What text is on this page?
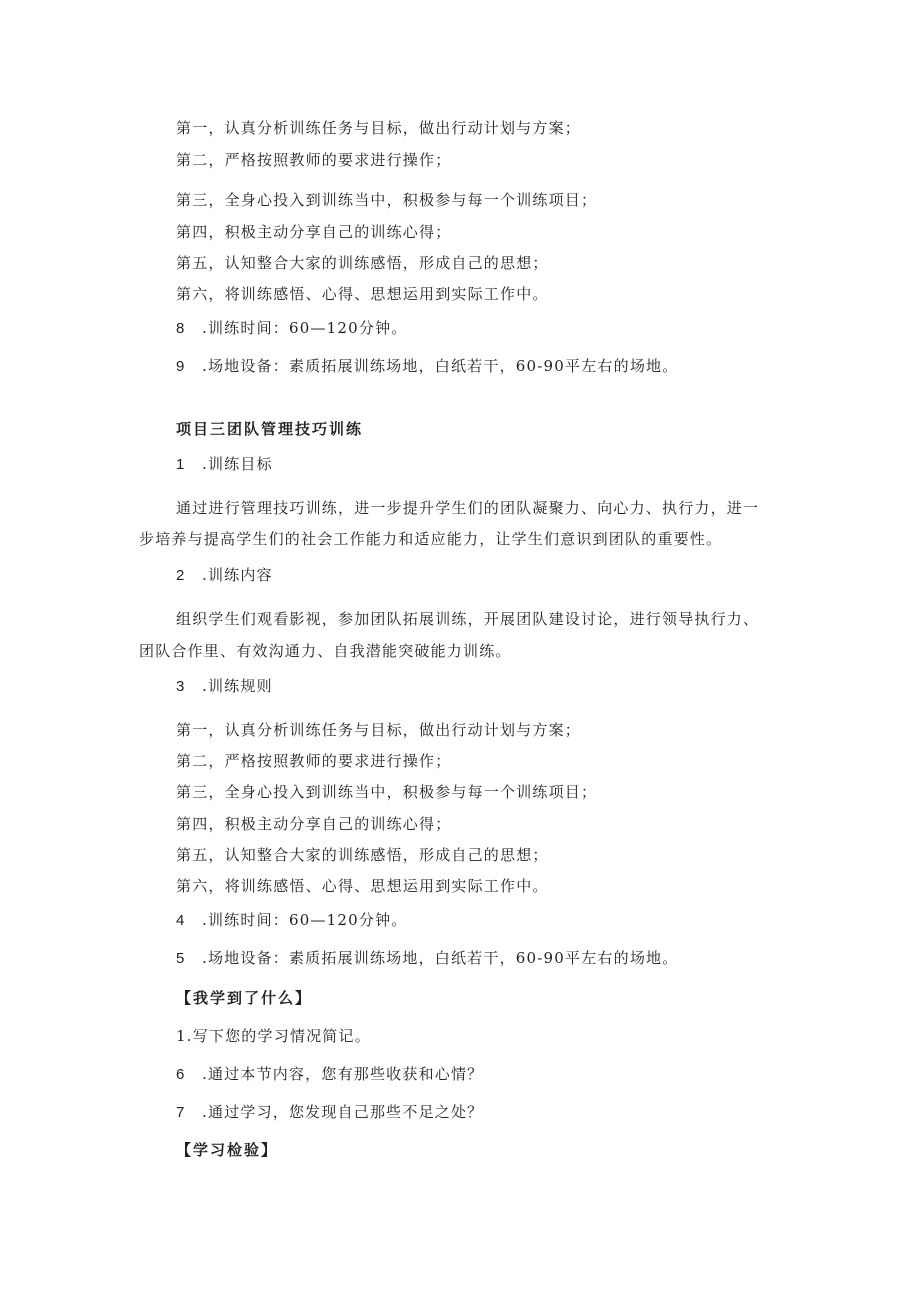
第一，认真分析训练任务与目标，做出行动计划与方案；
第二，严格按照教师的要求进行操作；
第三，全身心投入到训练当中，积极参与每一个训练项目；
第四，积极主动分享自己的训练心得；
第五，认知整合大家的训练感悟，形成自己的思想；
第六，将训练感悟、心得、思想运用到实际工作中。
8 .训练时间：60—120分钟。
9 .场地设备：素质拓展训练场地，白纸若干，60-90平左右的场地。
项目三团队管理技巧训练
1 .训练目标
通过进行管理技巧训练，进一步提升学生们的团队凝聚力、向心力、执行力，进一
步培养与提高学生们的社会工作能力和适应能力，让学生们意识到团队的重要性。
2 .训练内容
组织学生们观看影视，参加团队拓展训练，开展团队建设讨论，进行领导执行力、
团队合作里、有效沟通力、自我潜能突破能力训练。
3 .训练规则
第一，认真分析训练任务与目标，做出行动计划与方案；
第二，严格按照教师的要求进行操作；
第三，全身心投入到训练当中，积极参与每一个训练项目；
第四，积极主动分享自己的训练心得；
第五，认知整合大家的训练感悟，形成自己的思想；
第六，将训练感悟、心得、思想运用到实际工作中。
4 .训练时间：60—120分钟。
5 .场地设备：素质拓展训练场地，白纸若干，60-90平左右的场地。
【我学到了什么】
1.写下您的学习情况简记。
6 .通过本节内容，您有那些收获和心情？
7 .通过学习，您发现自己那些不足之处？
【学习检验】
